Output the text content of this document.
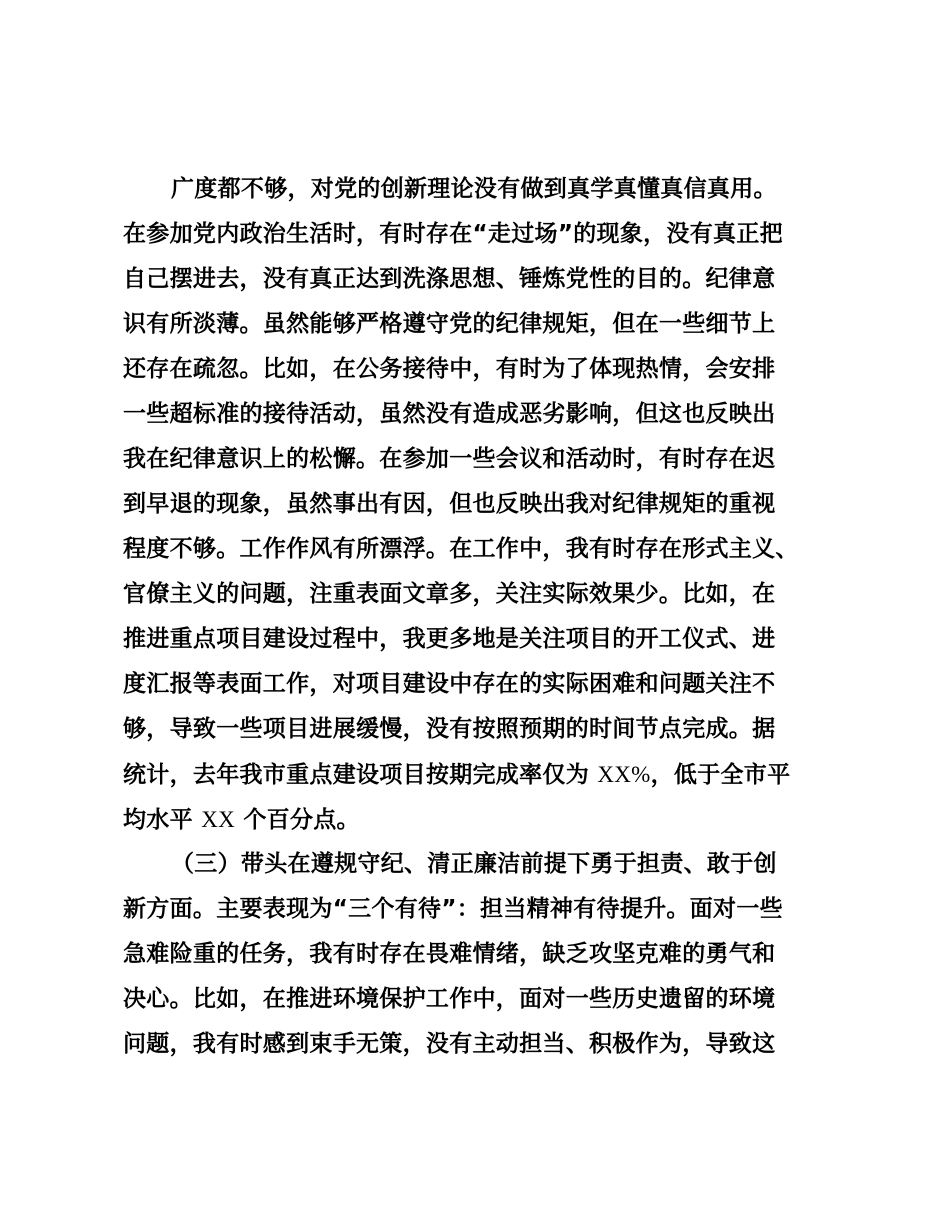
广度都不够，对党的创新理论没有做到真学真懂真信真用。
在参加党内政治生活时，有时存在“走过场”的现象，没有真正把
自己摆进去，没有真正达到洗涤思想、锤炼党性的目的。纪律意
识有所淡薄。虽然能够严格遵守党的纪律规矩，但在一些细节上
还存在疏忽。比如，在公务接待中，有时为了体现热情，会安排
一些超标准的接待活动，虽然没有造成恶劣影响，但这也反映出
我在纪律意识上的松懈。在参加一些会议和活动时，有时存在迟
到早退的现象，虽然事出有因，但也反映出我对纪律规矩的重视
程度不够。工作作风有所漂浮。在工作中，我有时存在形式主义、
官僚主义的问题，注重表面文章多，关注实际效果少。比如，在
推进重点项目建设过程中，我更多地是关注项目的开工仪式、进
度汇报等表面工作，对项目建设中存在的实际困难和问题关注不
够，导致一些项目进展缓慢，没有按照预期的时间节点完成。据
统计，去年我市重点建设项目按期完成率仅为 XX%，低于全市平
均水平 XX 个百分点。
（三）带头在遵规守纪、清正廉洁前提下勇于担责、敢于创
新方面。主要表现为“三个有待”：担当精神有待提升。面对一些
急难险重的任务，我有时存在畏难情绪，缺乏攻坚克难的勇气和
决心。比如，在推进环境保护工作中，面对一些历史遗留的环境
问题，我有时感到束手无策，没有主动担当、积极作为，导致这
